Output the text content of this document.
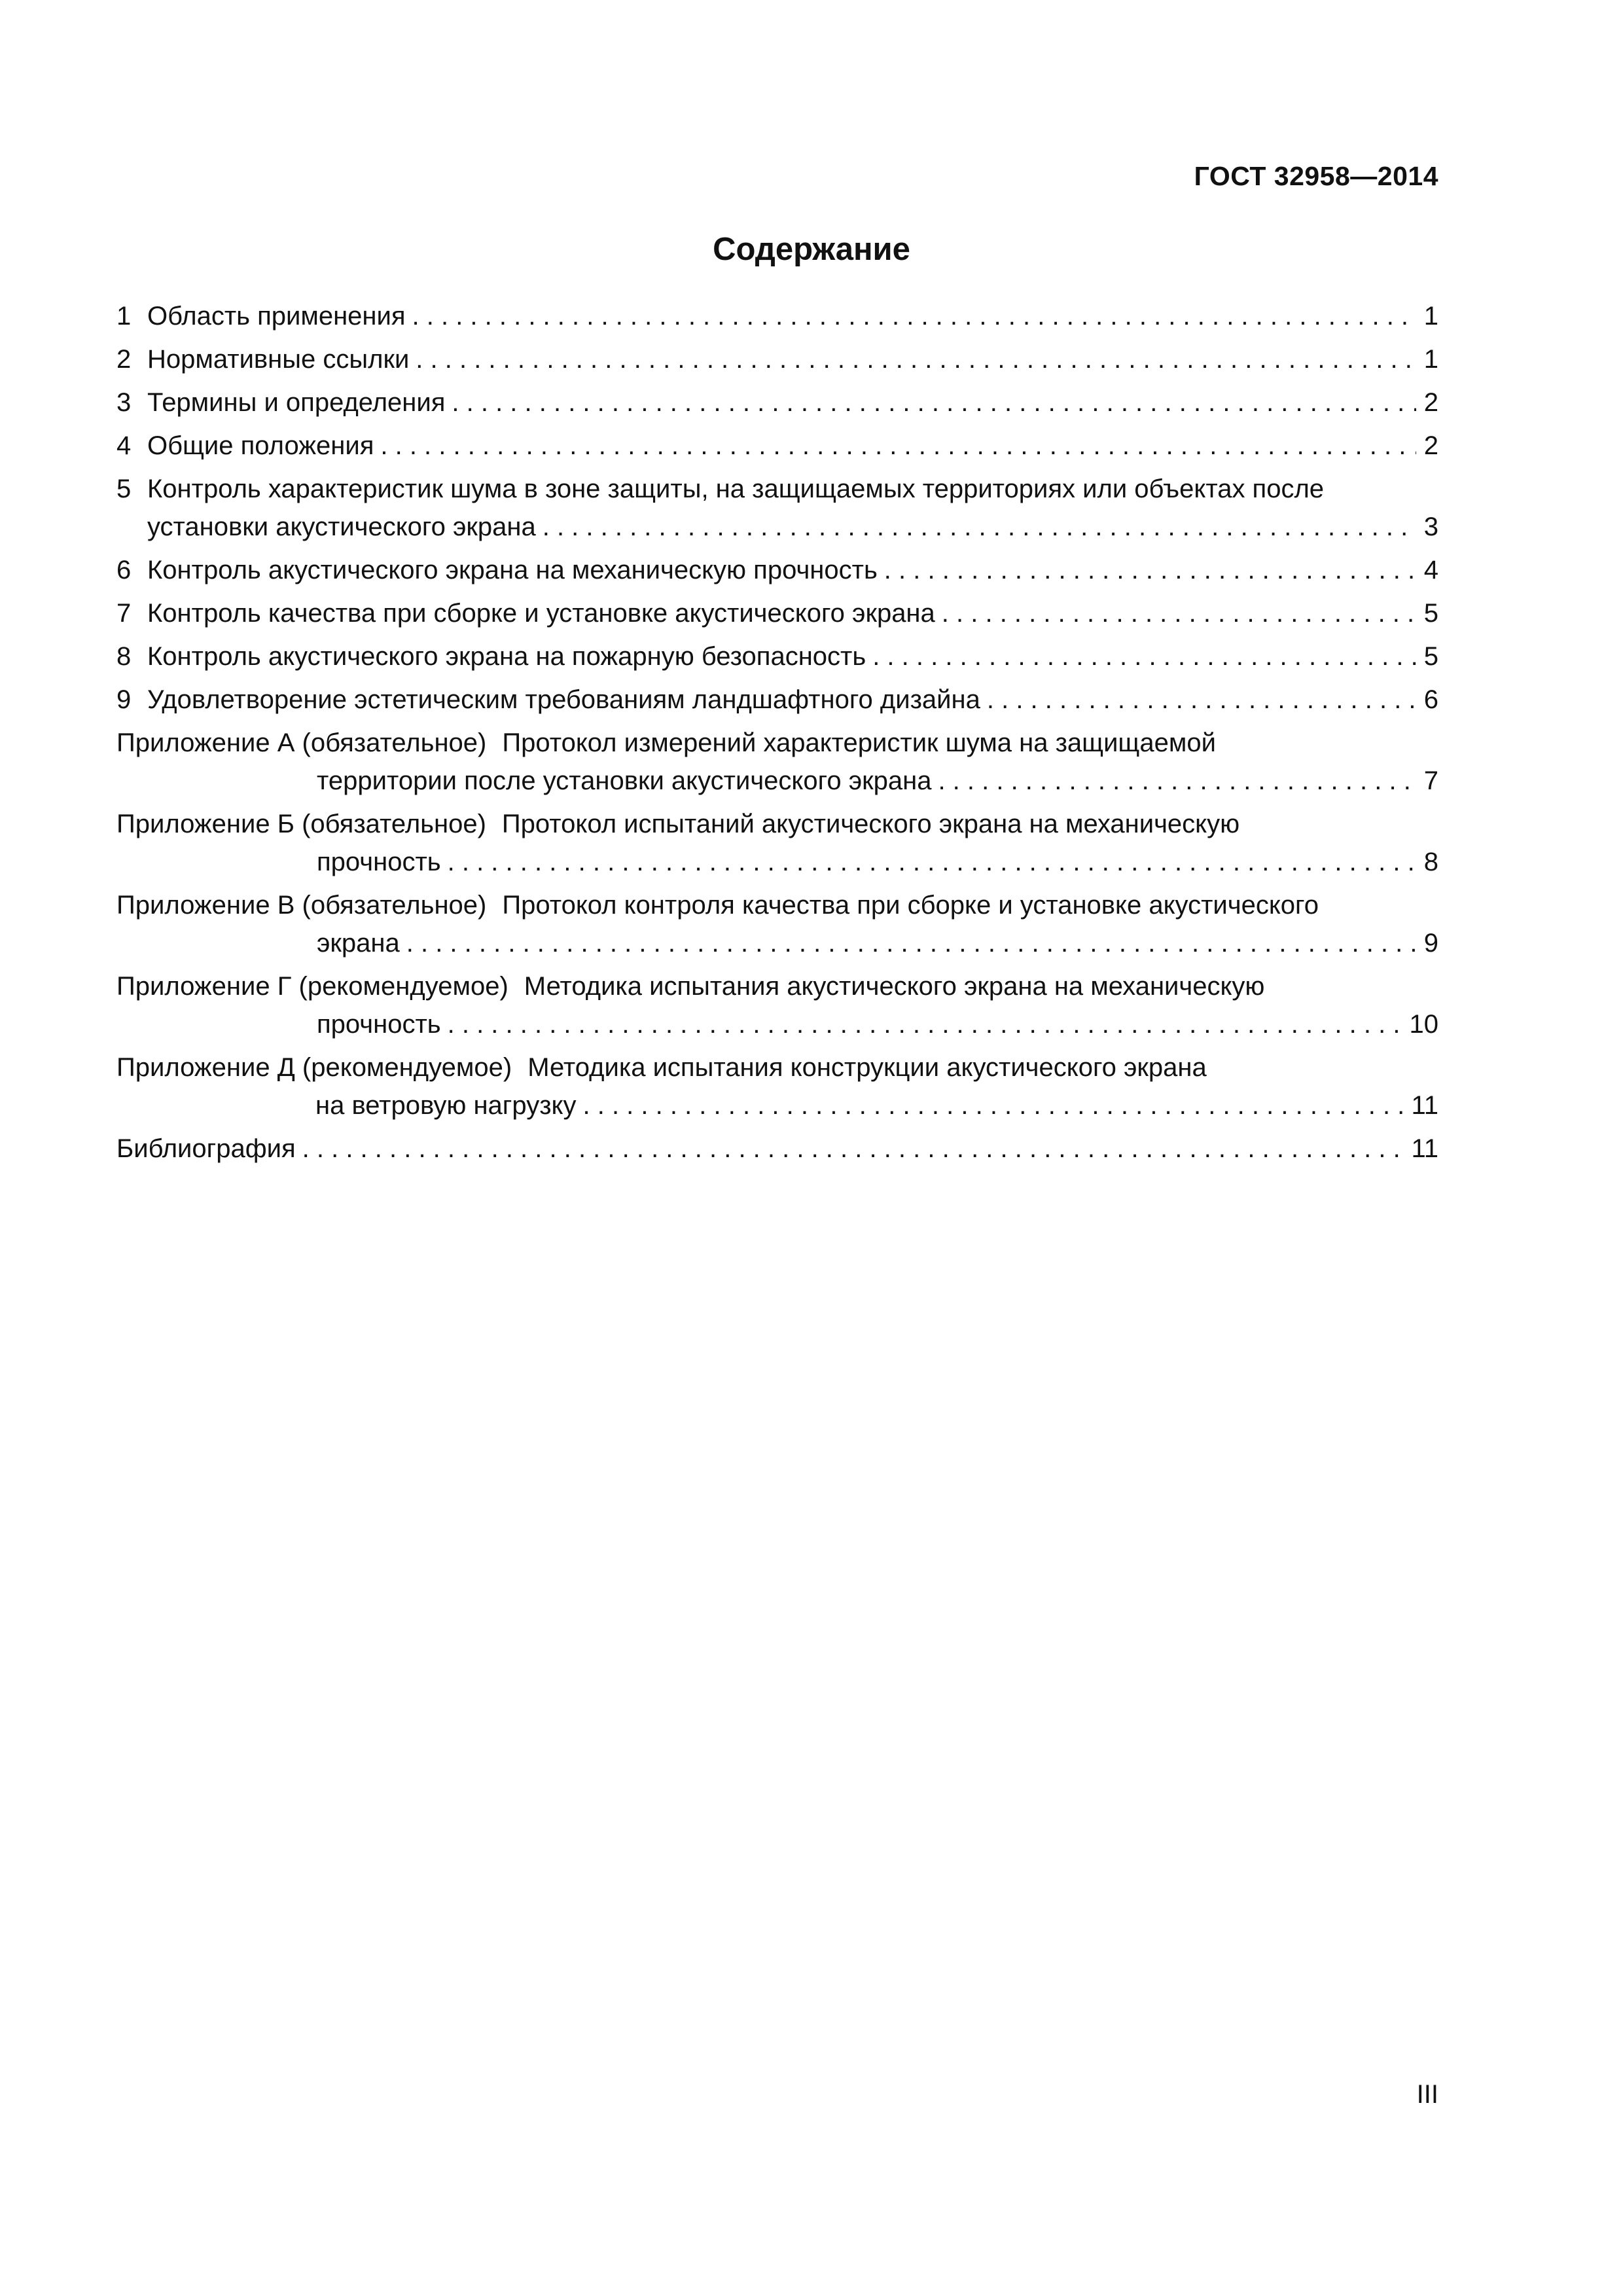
ГОСТ 32958—2014
Содержание
1 Область применения . . .	1
2 Нормативные ссылки . . .	1
3 Термины и определения . . .	2
4 Общие положения . . .	2
5 Контроль характеристик шума в зоне защиты, на защищаемых территориях или объектах после
установки акустического экрана . . .	3
6 Контроль акустического экрана на механическую прочность . . .	4
7 Контроль качества при сборке и установке акустического экрана . . .	5
8 Контроль акустического экрана на пожарную безопасность . . .	5
9 Удовлетворение эстетическим требованиям ландшафтного дизайна . . .	6
Приложение А (обязательное) Протокол измерений характеристик шума на защищаемой
территории после установки акустического экрана . . .	7
Приложение Б (обязательное) Протокол испытаний акустического экрана на механическую
прочность . . .	8
Приложение В (обязательное) Протокол контроля качества при сборке и установке акустического
экрана . . .	9
Приложение Г (рекомендуемое) Методика испытания акустического экрана на механическую
прочность . . .	10
Приложение Д (рекомендуемое) Методика испытания конструкции акустического экрана
на ветровую нагрузку . . .	11
Библиография . . .	11
III
